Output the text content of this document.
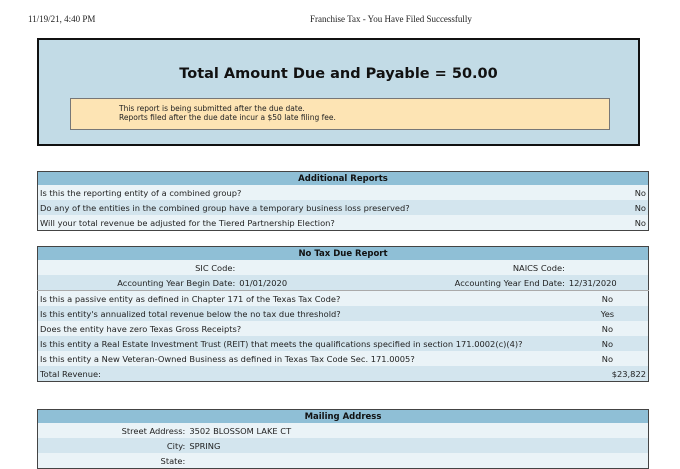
11/19/21, 4:40 PM	Franchise Tax - You Have Filed Successfully
Total Amount Due and Payable = 50.00
This report is being submitted after the due date.
Reports filed after the due date incur a $50 late filing fee.
Additional Reports	
Is this the reporting entity of a combined group?	No
Do any of the entities in the combined group have a temporary business loss preserved?	No
Will your total revenue be adjusted for the Tiered Partnership Election?	No
No Tax Due Report			
SIC Code:		NAICS Code:	
Accounting Year Begin Date:	01/01/2020	Accounting Year End Date:	12/31/2020
Is this a passive entity as defined in Chapter 171 of the Texas Tax Code?			No
Is this entity's annualized total revenue below the no tax due threshold?			Yes
Does the entity have zero Texas Gross Receipts?			No
Is this entity a Real Estate Investment Trust (REIT) that meets the qualifications specified in section 171.0002(c)(4)?			No
Is this entity a New Veteran-Owned Business as defined in Texas Tax Code Sec. 171.0005?			No
Total Revenue:			$23,822
Mailing Address	
Street Address:	3502 BLOSSOM LAKE CT
City:	SPRING
State:	
